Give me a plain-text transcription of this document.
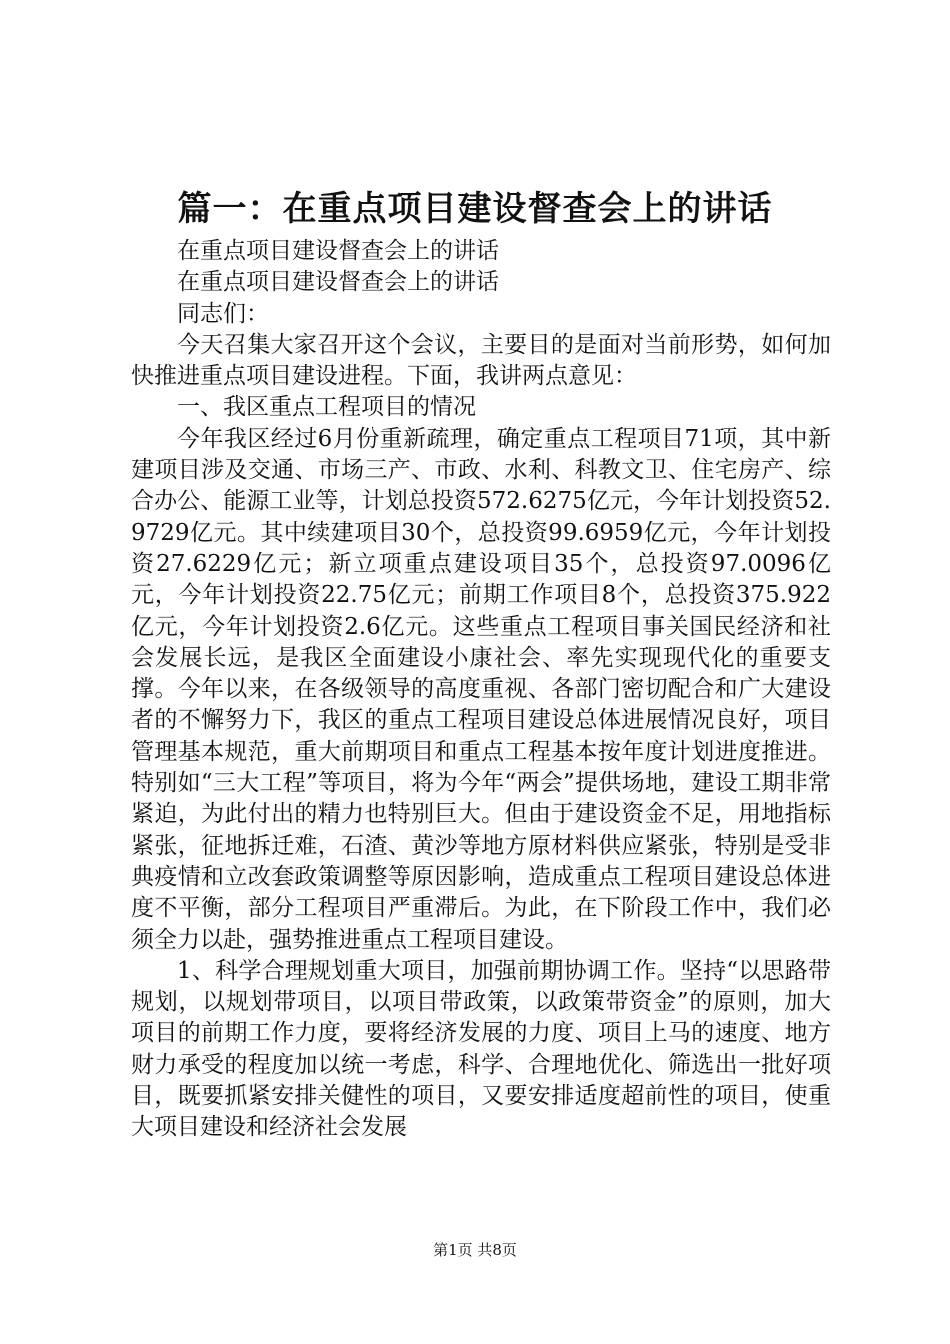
篇一：在重点项目建设督查会上的讲话

在重点项目建设督查会上的讲话

在重点项目建设督查会上的讲话

同志们：

今天召集大家召开这个会议，主要目的是面对当前形势，如何加快推进重点项目建设进程。下面，我讲两点意见：

一、我区重点工程项目的情况

今年我区经过6月份重新疏理，确定重点工程项目71项，其中新建项目涉及交通、市场三产、市政、水利、科教文卫、住宅房产、综合办公、能源工业等，计划总投资572.6275亿元，今年计划投资52.9729亿元。其中续建项目30个，总投资99.6959亿元，今年计划投资27.6229亿元；新立项重点建设项目35个，总投资97.0096亿元，今年计划投资22.75亿元；前期工作项目8个，总投资375.922亿元，今年计划投资2.6亿元。这些重点工程项目事关国民经济和社会发展长远，是我区全面建设小康社会、率先实现现代化的重要支撑。今年以来，在各级领导的高度重视、各部门密切配合和广大建设者的不懈努力下，我区的重点工程项目建设总体进展情况良好，项目管理基本规范，重大前期项目和重点工程基本按年度计划进度推进。特别如“三大工程”等项目，将为今年“两会”提供场地，建设工期非常紧迫，为此付出的精力也特别巨大。但由于建设资金不足，用地指标紧张，征地拆迁难，石渣、黄沙等地方原材料供应紧张，特别是受非典疫情和立改套政策调整等原因影响，造成重点工程项目建设总体进度不平衡，部分工程项目严重滞后。为此，在下阶段工作中，我们必须全力以赴，强势推进重点工程项目建设。

1、科学合理规划重大项目，加强前期协调工作。坚持“以思路带规划，以规划带项目，以项目带政策，以政策带资金”的原则，加大项目的前期工作力度，要将经济发展的力度、项目上马的速度、地方财力承受的程度加以统一考虑，科学、合理地优化、筛选出一批好项目，既要抓紧安排关健性的项目，又要安排适度超前性的项目，使重大项目建设和经济社会发展

第1页 共8页
